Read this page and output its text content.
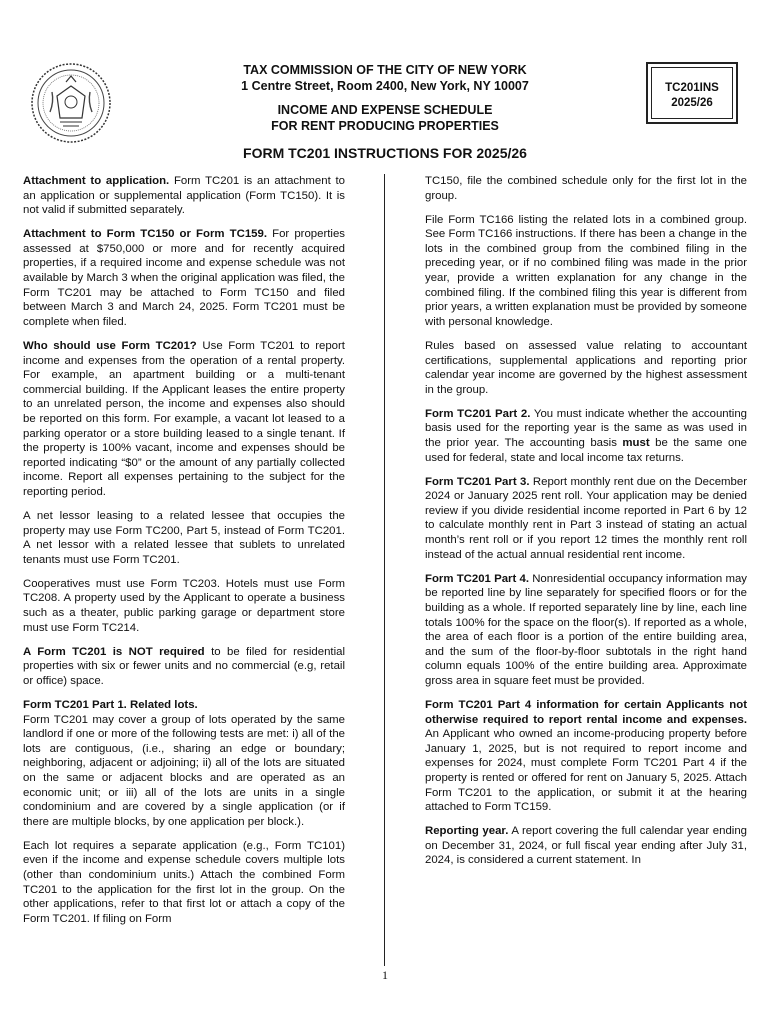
TAX COMMISSION OF THE CITY OF NEW YORK
1 Centre Street, Room 2400, New York, NY 10007
INCOME AND EXPENSE SCHEDULE
FOR RENT PRODUCING PROPERTIES
TC201INS
2025/26
FORM TC201 INSTRUCTIONS FOR 2025/26

Attachment to application. Form TC201 is an attachment to an application or supplemental application (Form TC150). It is not valid if submitted separately.

Attachment to Form TC150 or Form TC159. For properties assessed at $750,000 or more and for recently acquired properties, if a required income and expense schedule was not available by March 3 when the original application was filed, the Form TC201 may be attached to Form TC150 and filed between March 3 and March 24, 2025. Form TC201 must be complete when filed.

Who should use Form TC201? Use Form TC201 to report income and expenses from the operation of a rental property. For example, an apartment building or a multi-tenant commercial building. If the Applicant leases the entire property to an unrelated person, the income and expenses also should be reported on this form. For example, a vacant lot leased to a parking operator or a store building leased to a single tenant. If the property is 100% vacant, income and expenses should be reported indicating “$0” or the amount of any partially collected income. Report all expenses pertaining to the subject for the reporting period.

A net lessor leasing to a related lessee that occupies the property may use Form TC200, Part 5, instead of Form TC201. A net lessor with a related lessee that sublets to unrelated tenants must use Form TC201.

Cooperatives must use Form TC203. Hotels must use Form TC208. A property used by the Applicant to operate a business such as a theater, public parking garage or department store must use Form TC214.

A Form TC201 is NOT required to be filed for residential properties with six or fewer units and no commercial (e.g, retail or office) space.

Form TC201 Part 1. Related lots.
Form TC201 may cover a group of lots operated by the same landlord if one or more of the following tests are met: i) all of the lots are contiguous, (i.e., sharing an edge or boundary; neighboring, adjacent or adjoining; ii) all of the lots are situated on the same or adjacent blocks and are operated as an economic unit; or iii) all of the lots are units in a single condominium and are covered by a single application (or if there are multiple blocks, by one application per block.).

Each lot requires a separate application (e.g., Form TC101) even if the income and expense schedule covers multiple lots (other than condominium units.) Attach the combined Form TC201 to the application for the first lot in the group. On the other applications, refer to that first lot or attach a copy of the Form TC201. If filing on Form

TC150, file the combined schedule only for the first lot in the group.

File Form TC166 listing the related lots in a combined group. See Form TC166 instructions. If there has been a change in the lots in the combined group from the combined filing in the preceding year, or if no combined filing was made in the prior year, provide a written explanation for any change in the combined filing. If the combined filing this year is different from prior years, a written explanation must be provided by someone with personal knowledge.

Rules based on assessed value relating to accountant certifications, supplemental applications and reporting prior calendar year income are governed by the highest assessment in the group.

Form TC201 Part 2. You must indicate whether the accounting basis used for the reporting year is the same as was used in the prior year. The accounting basis must be the same one used for federal, state and local income tax returns.

Form TC201 Part 3. Report monthly rent due on the December 2024 or January 2025 rent roll. Your application may be denied review if you divide residential income reported in Part 6 by 12 to calculate monthly rent in Part 3 instead of stating an actual month’s rent roll or if you report 12 times the monthly rent roll instead of the actual annual residential rent income.

Form TC201 Part 4. Nonresidential occupancy information may be reported line by line separately for specified floors or for the building as a whole. If reported separately line by line, each line totals 100% for the space on the floor(s). If reported as a whole, the area of each floor is a portion of the entire building area, and the sum of the floor-by-floor subtotals in the right hand column equals 100% of the entire building area. Approximate gross area in square feet must be provided.

Form TC201 Part 4 information for certain Applicants not otherwise required to report rental income and expenses. An Applicant who owned an income-producing property before January 1, 2025, but is not required to report income and expenses for 2024, must complete Form TC201 Part 4 if the property is rented or offered for rent on January 5, 2025. Attach Form TC201 to the application, or submit it at the hearing attached to Form TC159.

Reporting year. A report covering the full calendar year ending on December 31, 2024, or full fiscal year ending after July 31, 2024, is considered a current statement. In

1
